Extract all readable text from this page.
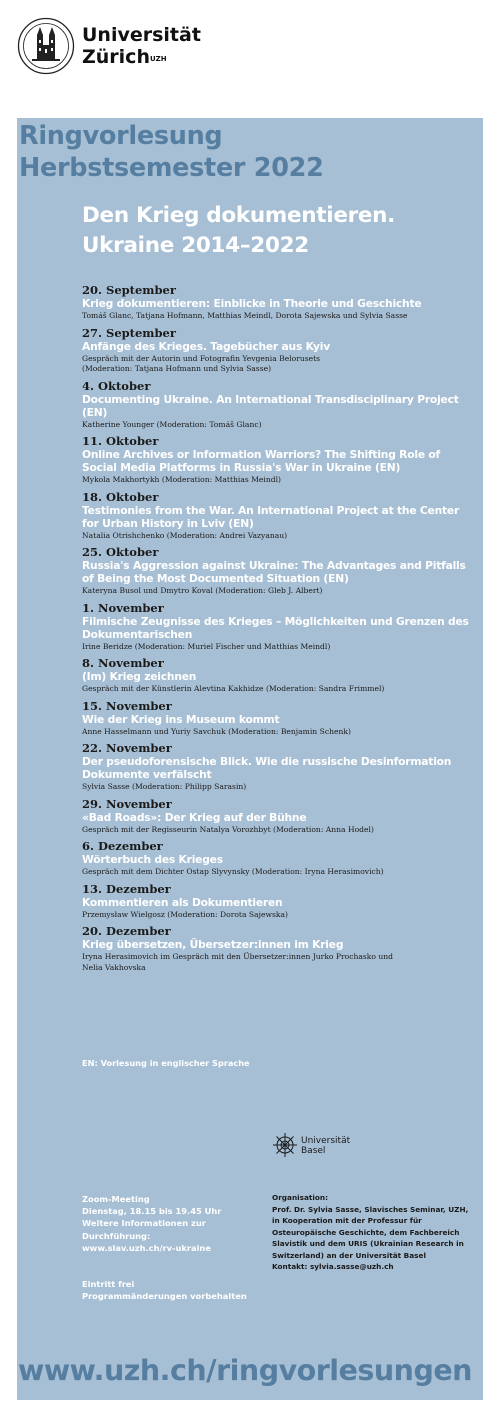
Universität
Zürich$^{UZH}$
Ringvorlesung
Herbstsemester 2022
Den Krieg dokumentieren.
Ukraine 2014–2022
20. September
Krieg dokumentieren: Einblicke in Theorie und Geschichte
Tomáš Glanc, Tatjana Hofmann, Matthias Meindl, Dorota Sajewska und Sylvia Sasse
27. September
Anfänge des Krieges. Tagebücher aus Kyiv
Gespräch mit der Autorin und Fotografin Yevgenia Belorusets
(Moderation: Tatjana Hofmann und Sylvia Sasse)
4. Oktober
Documenting Ukraine. An International Transdisciplinary Project (EN)
Katherine Younger (Moderation: Tomáš Glanc)
11. Oktober
Online Archives or Information Warriors? The Shifting Role of Social Media Platforms in Russia's War in Ukraine (EN)
Mykola Makhortykh (Moderation: Matthias Meindl)
18. Oktober
Testimonies from the War. An International Project at the Center for Urban History in Lviv (EN)
Natalia Otrishchenko (Moderation: Andrei Vazyanau)
25. Oktober
Russia's Aggression against Ukraine: The Advantages and Pitfalls of Being the Most Documented Situation (EN)
Kateryna Busol und Dmytro Koval (Moderation: Gleb J. Albert)
1. November
Filmische Zeugnisse des Krieges – Möglichkeiten und Grenzen des Dokumentarischen
Irine Beridze (Moderation: Muriel Fischer und Matthias Meindl)
8. November
(Im) Krieg zeichnen
Gespräch mit der Künstlerin Alevtina Kakhidze (Moderation: Sandra Frimmel)
15. November
Wie der Krieg ins Museum kommt
Anne Hasselmann und Yuriy Savchuk (Moderation: Benjamin Schenk)
22. November
Der pseudoforensische Blick. Wie die russische Desinformation Dokumente verfälscht
Sylvia Sasse (Moderation: Philipp Sarasin)
29. November
«Bad Roads»: Der Krieg auf der Bühne
Gespräch mit der Regisseurin Natalya Vorozhbyt (Moderation: Anna Hodel)
6. Dezember
Wörterbuch des Krieges
Gespräch mit dem Dichter Ostap Slyvynsky (Moderation: Iryna Herasimovich)
13. Dezember
Kommentieren als Dokumentieren
Przemysław Wielgosz (Moderation: Dorota Sajewska)
20. Dezember
Krieg übersetzen, Übersetzer:innen im Krieg
Iryna Herasimovich im Gespräch mit den Übersetzer:innen Jurko Prochasko und
Nelia Vakhovska
EN: Vorlesung in englischer Sprache
Universität
Basel
Zoom-Meeting
Dienstag, 18.15 bis 19.45 Uhr
Weitere Informationen zur
Durchführung:
www.slav.uzh.ch/rv-ukraine
Eintritt frei
Programmänderungen vorbehalten
Organisation:
Prof. Dr. Sylvia Sasse, Slavisches Seminar, UZH,
in Kooperation mit der Professur für
Osteuropäische Geschichte, dem Fachbereich
Slavistik und dem URIS (Ukrainian Research in
Switzerland) an der Universität Basel
Kontakt: sylvia.sasse@uzh.ch
www.uzh.ch/ringvorlesungen
